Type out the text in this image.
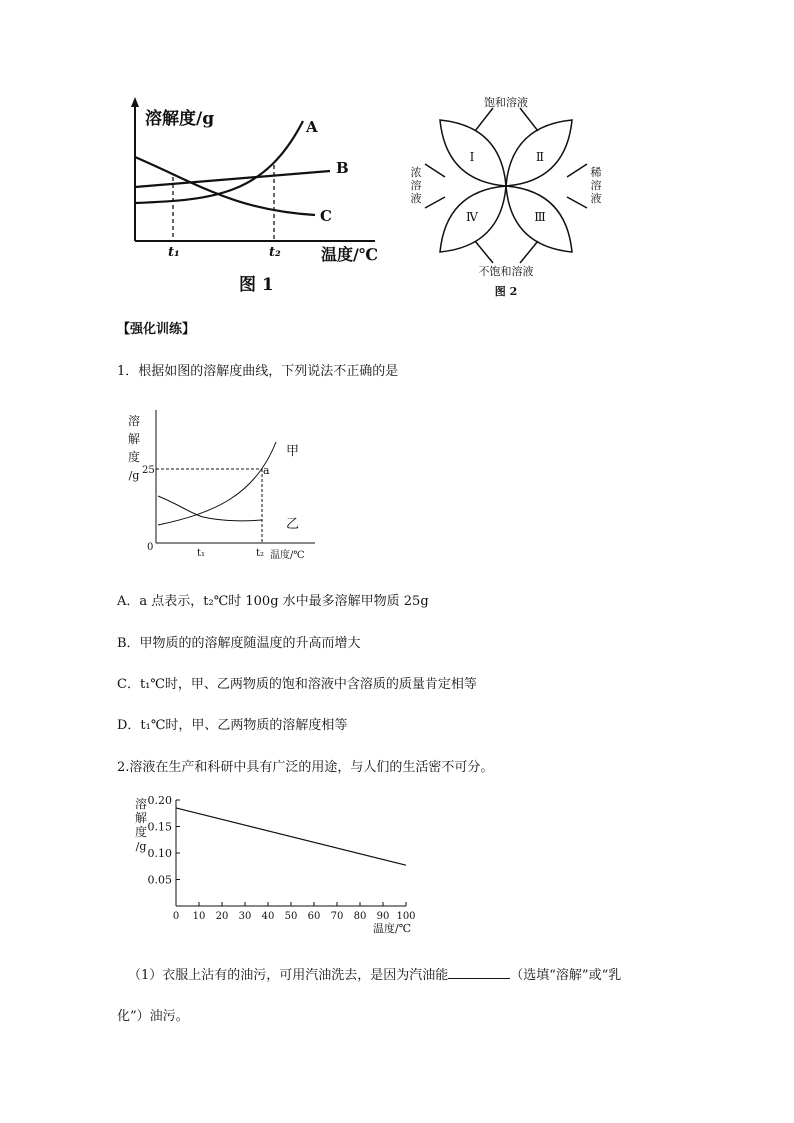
溶解度/g	A
B
C
t₁	t₂	温度/℃
图 1
饱和溶液
浓
溶
液
稀
溶
液
Ⅰ	Ⅱ
Ⅳ	Ⅲ
不饱和溶液
图 2
【强化训练】
1．根据如图的溶解度曲线，下列说法不正确的是
溶
解
度
/g 25
0
a
甲
乙
t₁	t₂ 温度/℃
A．a 点表示，t₂℃时 100g 水中最多溶解甲物质 25g
B．甲物质的的溶解度随温度的升高而增大
C．t₁℃时，甲、乙两物质的饱和溶液中含溶质的质量肯定相等
D．t₁℃时，甲、乙两物质的溶解度相等
2.溶液在生产和科研中具有广泛的用途，与人们的生活密不可分。
溶
解
度
/g
0.05
0.10
0.15
0.20
0 10 20 30 40 50 60 70 80 90 100
温度/℃
（1）衣服上沾有的油污，可用汽油洗去，是因为汽油能	（选填“溶解”或“乳
化”）油污。
